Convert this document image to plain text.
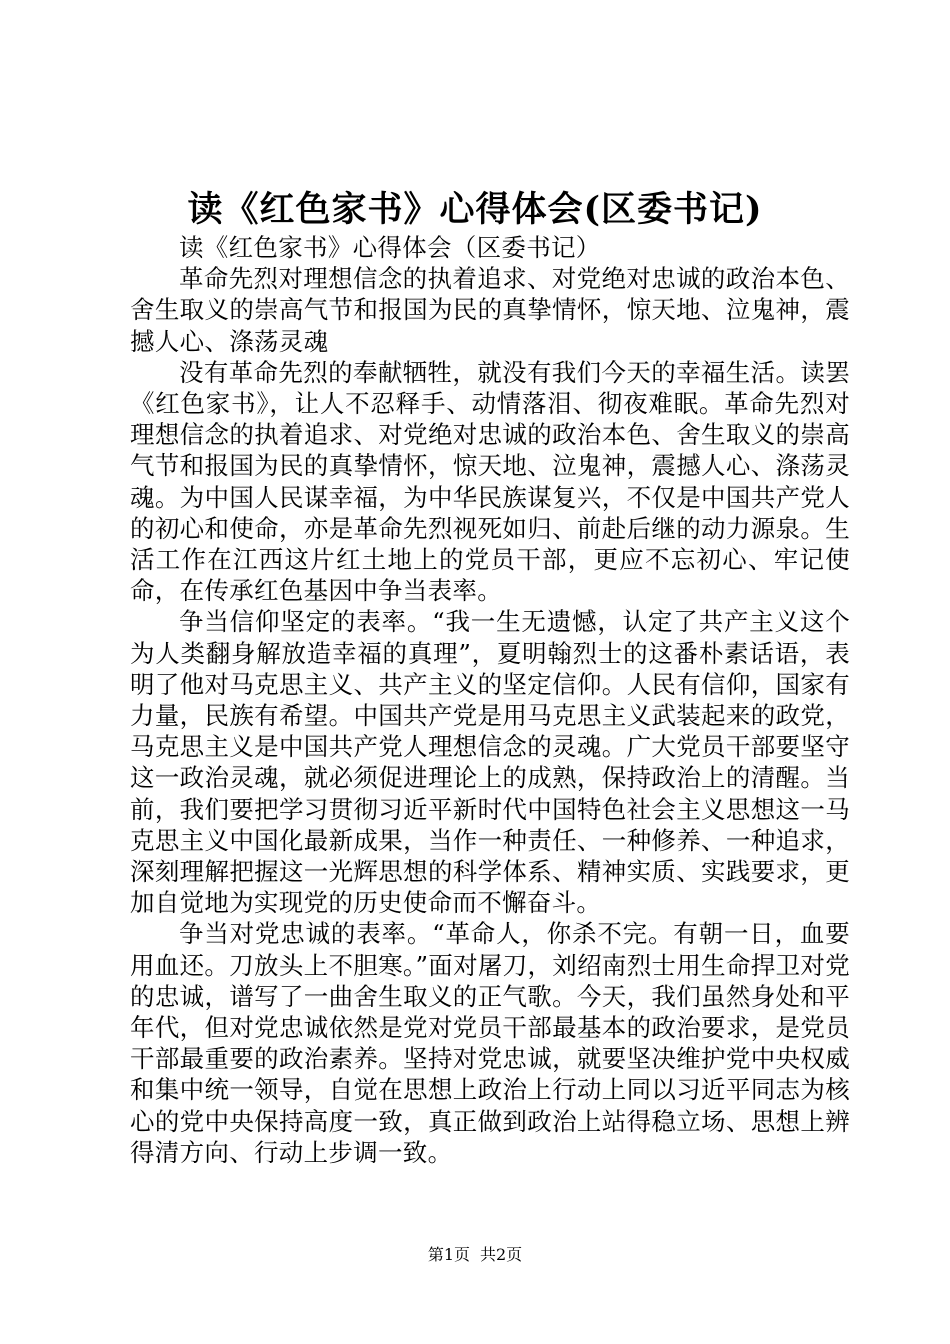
读《红色家书》心得体会(区委书记)

读《红色家书》心得体会（区委书记）

革命先烈对理想信念的执着追求、对党绝对忠诚的政治本色、舍生取义的崇高气节和报国为民的真挚情怀，惊天地、泣鬼神，震撼人心、涤荡灵魂

没有革命先烈的奉献牺牲，就没有我们今天的幸福生活。读罢《红色家书》，让人不忍释手、动情落泪、彻夜难眠。革命先烈对理想信念的执着追求、对党绝对忠诚的政治本色、舍生取义的崇高气节和报国为民的真挚情怀，惊天地、泣鬼神，震撼人心、涤荡灵魂。为中国人民谋幸福，为中华民族谋复兴，不仅是中国共产党人的初心和使命，亦是革命先烈视死如归、前赴后继的动力源泉。生活工作在江西这片红土地上的党员干部，更应不忘初心、牢记使命，在传承红色基因中争当表率。

争当信仰坚定的表率。“我一生无遗憾，认定了共产主义这个为人类翻身解放造幸福的真理”，夏明翰烈士的这番朴素话语，表明了他对马克思主义、共产主义的坚定信仰。人民有信仰，国家有力量，民族有希望。中国共产党是用马克思主义武装起来的政党，马克思主义是中国共产党人理想信念的灵魂。广大党员干部要坚守这一政治灵魂，就必须促进理论上的成熟，保持政治上的清醒。当前，我们要把学习贯彻习近平新时代中国特色社会主义思想这一马克思主义中国化最新成果，当作一种责任、一种修养、一种追求，深刻理解把握这一光辉思想的科学体系、精神实质、实践要求，更加自觉地为实现党的历史使命而不懈奋斗。

争当对党忠诚的表率。“革命人，你杀不完。有朝一日，血要用血还。刀放头上不胆寒。”面对屠刀，刘绍南烈士用生命捍卫对党的忠诚，谱写了一曲舍生取义的正气歌。今天，我们虽然身处和平年代，但对党忠诚依然是党对党员干部最基本的政治要求，是党员干部最重要的政治素养。坚持对党忠诚，就要坚决维护党中央权威和集中统一领导，自觉在思想上政治上行动上同以习近平同志为核心的党中央保持高度一致，真正做到政治上站得稳立场、思想上辨得清方向、行动上步调一致。

第1页 共2页
